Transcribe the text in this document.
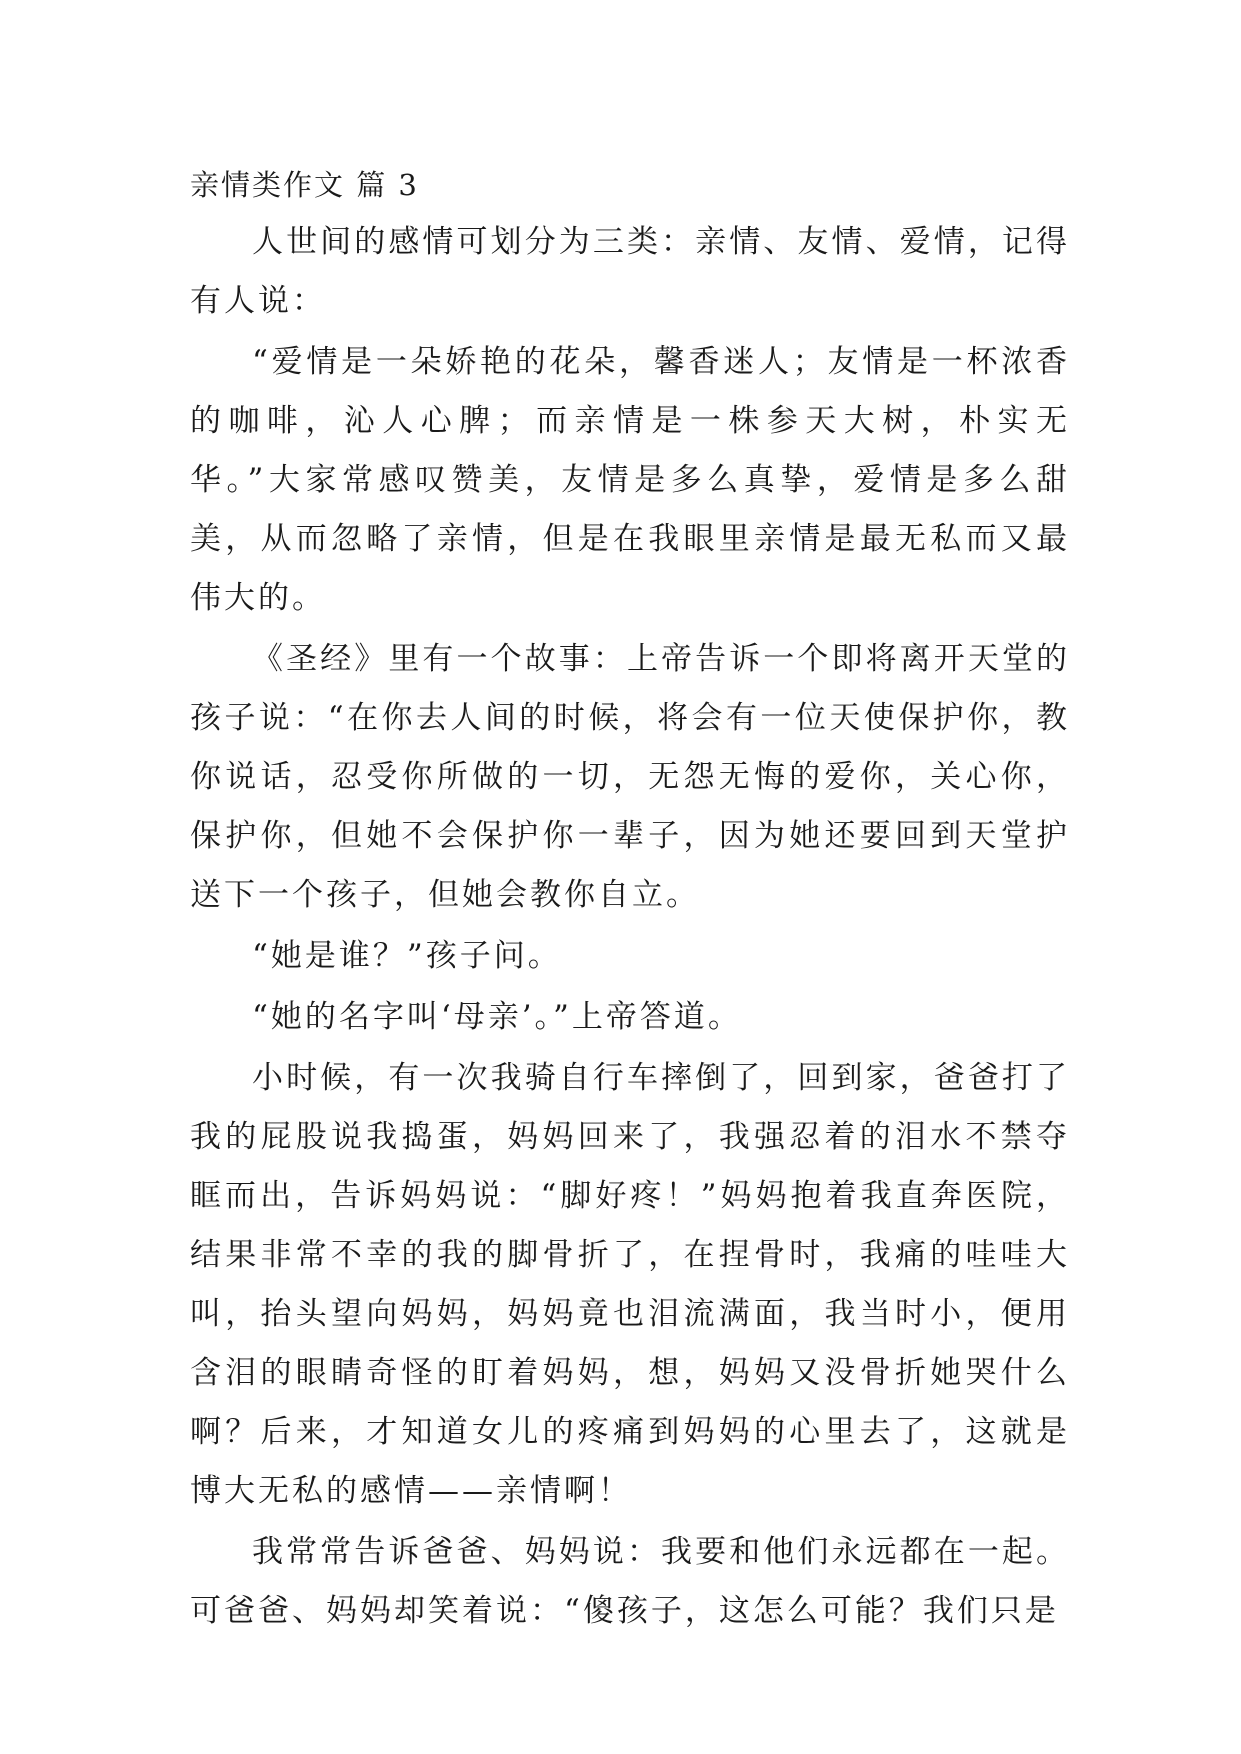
亲情类作文 篇 3

人世间的感情可划分为三类：亲情、友情、爱情，记得有人说：

“爱情是一朵娇艳的花朵，馨香迷人；友情是一杯浓香的咖啡，沁人心脾；而亲情是一株参天大树，朴实无华。”大家常感叹赞美，友情是多么真挚，爱情是多么甜美，从而忽略了亲情，但是在我眼里亲情是最无私而又最伟大的。

《圣经》里有一个故事：上帝告诉一个即将离开天堂的孩子说：“在你去人间的时候，将会有一位天使保护你，教你说话，忍受你所做的一切，无怨无悔的爱你，关心你，保护你，但她不会保护你一辈子，因为她还要回到天堂护送下一个孩子，但她会教你自立。

“她是谁？”孩子问。

“她的名字叫‘母亲’。”上帝答道。

小时候，有一次我骑自行车摔倒了，回到家，爸爸打了我的屁股说我捣蛋，妈妈回来了，我强忍着的泪水不禁夺眶而出，告诉妈妈说：“脚好疼！”妈妈抱着我直奔医院，结果非常不幸的我的脚骨折了，在捏骨时，我痛的哇哇大叫，抬头望向妈妈，妈妈竟也泪流满面，我当时小，便用含泪的眼睛奇怪的盯着妈妈，想，妈妈又没骨折她哭什么啊？后来，才知道女儿的疼痛到妈妈的心里去了，这就是博大无私的感情——亲情啊！

我常常告诉爸爸、妈妈说：我要和他们永远都在一起。可爸爸、妈妈却笑着说：“傻孩子，这怎么可能？我们只是
